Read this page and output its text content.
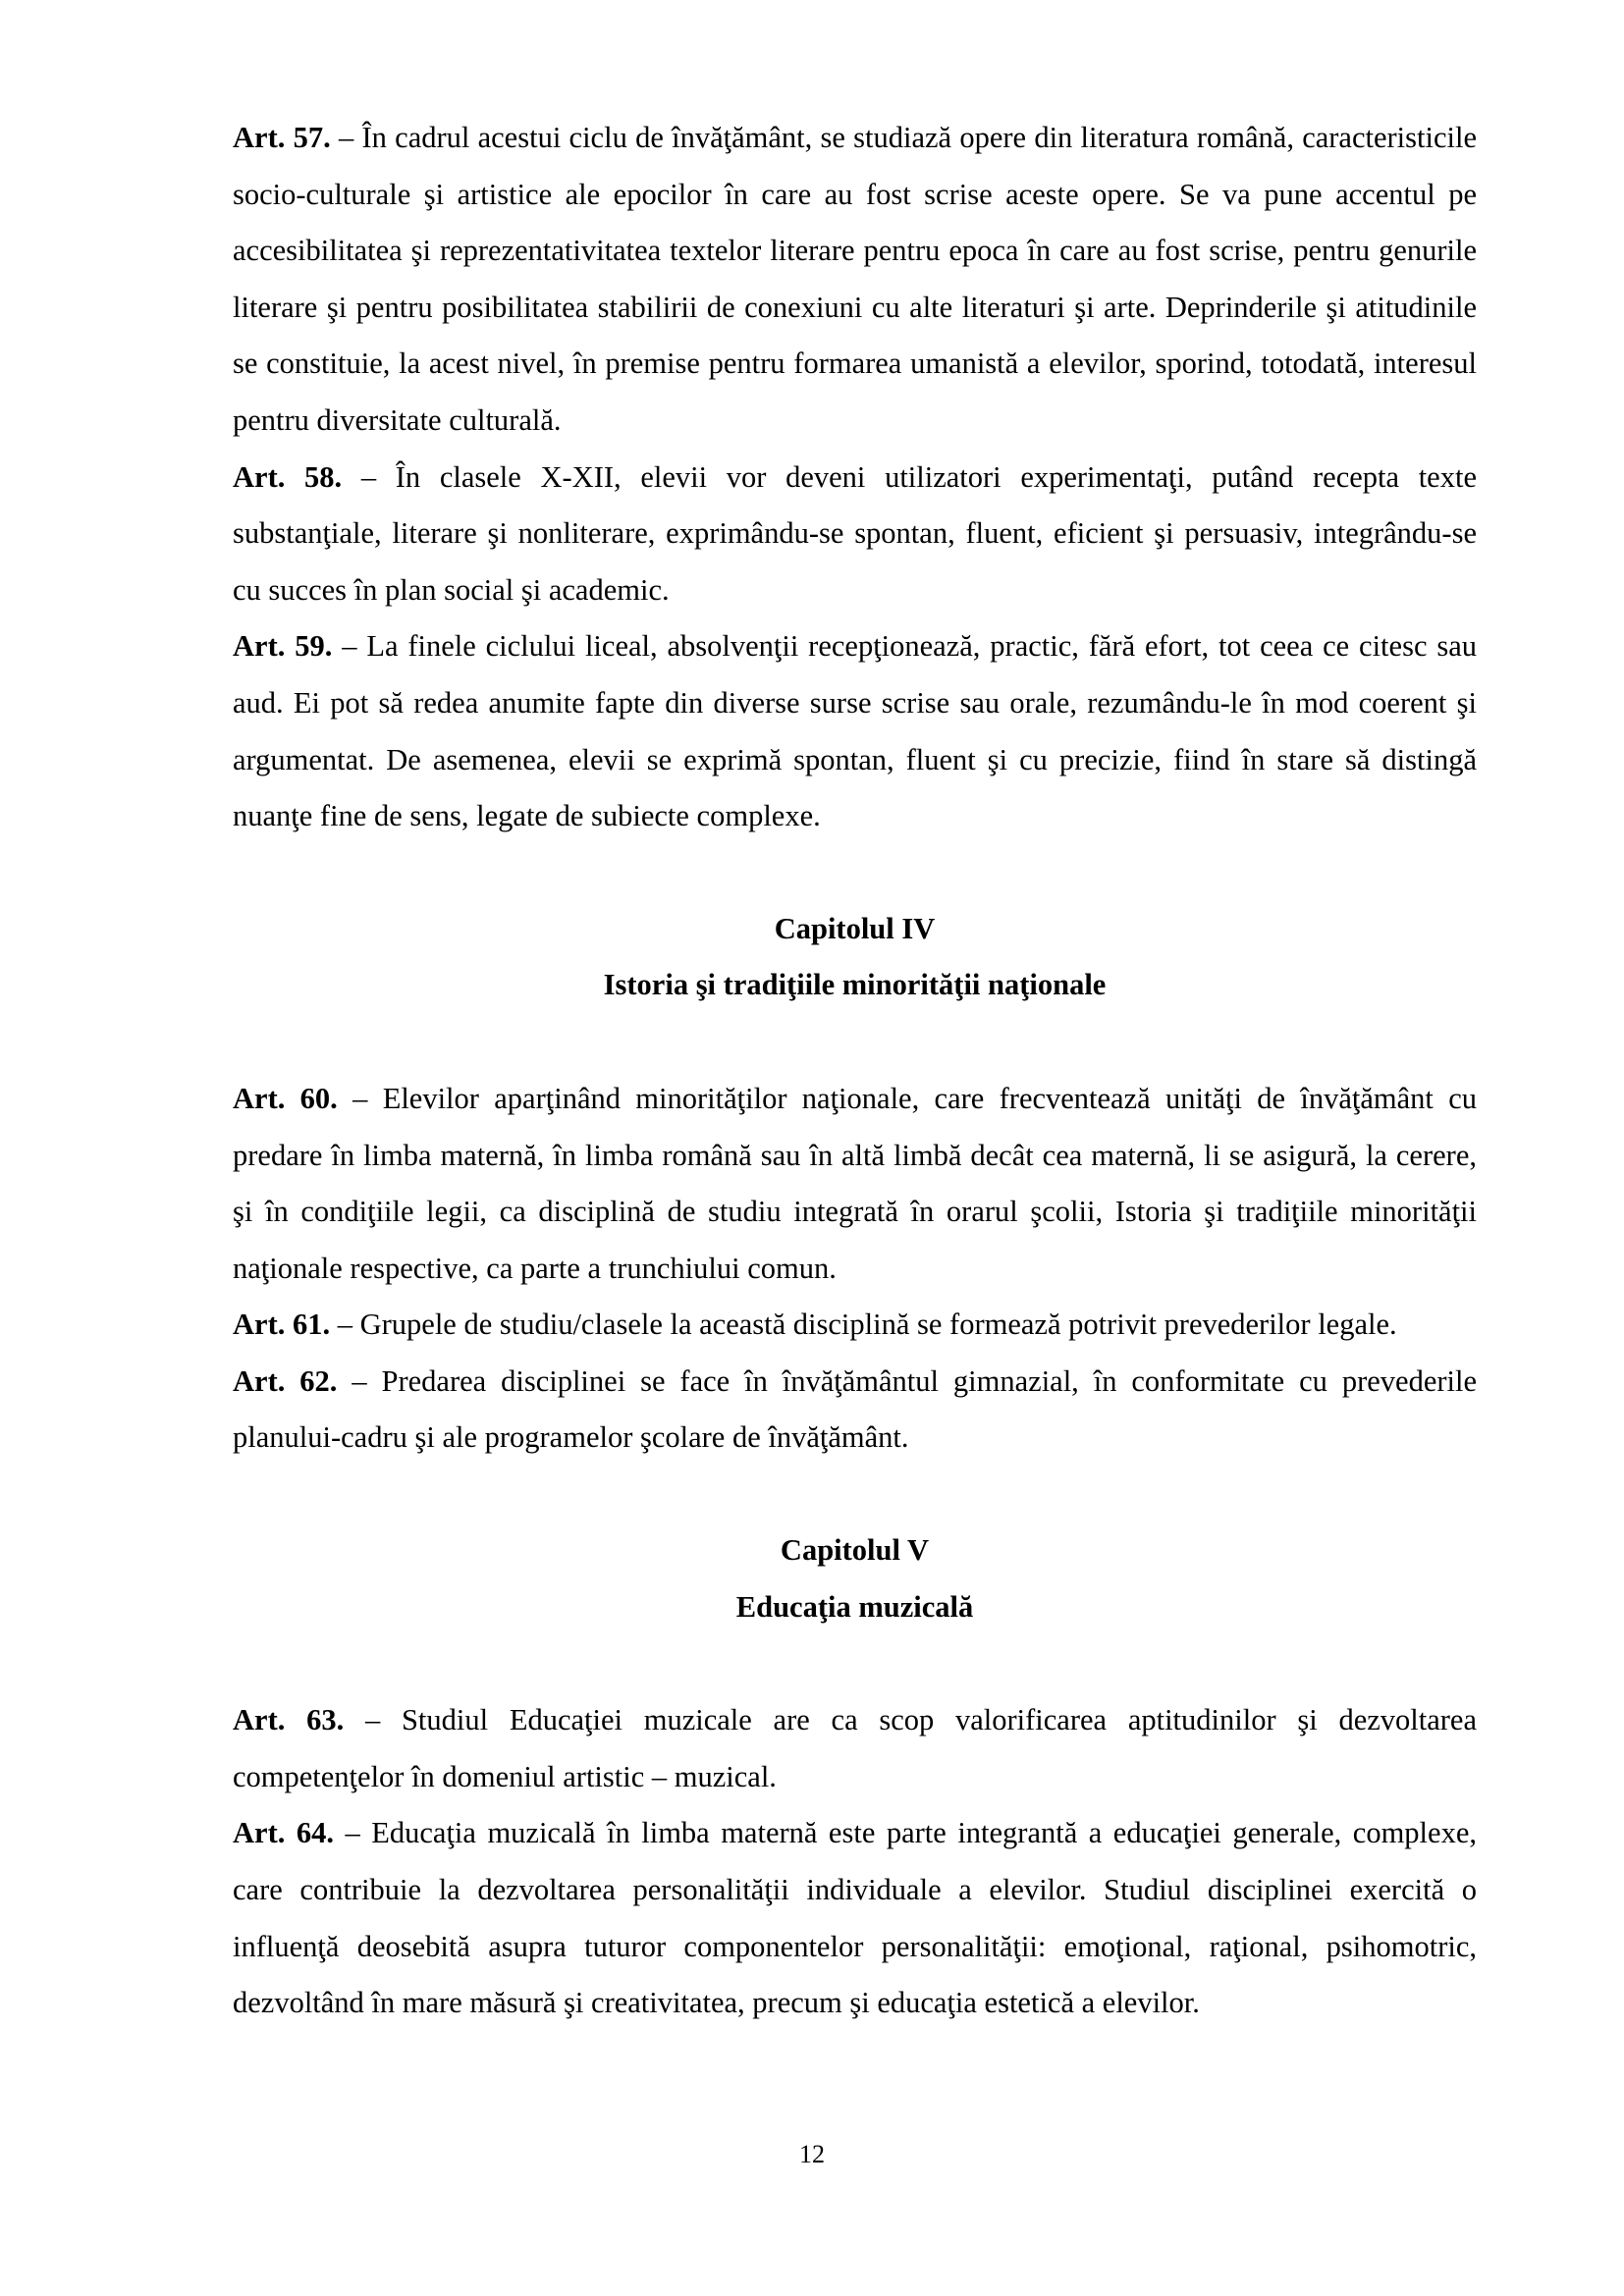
Art. 57. – În cadrul acestui ciclu de învăţământ, se studiază opere din literatura română, caracteristicile socio-culturale şi artistice ale epocilor în care au fost scrise aceste opere. Se va pune accentul pe accesibilitatea şi reprezentativitatea textelor literare pentru epoca în care au fost scrise, pentru genurile literare şi pentru posibilitatea stabilirii de conexiuni cu alte literaturi şi arte. Deprinderile şi atitudinile se constituie, la acest nivel, în premise pentru formarea umanistă a elevilor, sporind, totodată, interesul pentru diversitate culturală.

Art. 58. – În clasele X-XII, elevii vor deveni utilizatori experimentaţi, putând recepta texte substanţiale, literare şi nonliterare, exprimându-se spontan, fluent, eficient şi persuasiv, integrându-se cu succes în plan social şi academic.

Art. 59. – La finele ciclului liceal, absolvenţii recepţionează, practic, fără efort, tot ceea ce citesc sau aud. Ei pot să redea anumite fapte din diverse surse scrise sau orale, rezumându-le în mod coerent şi argumentat. De asemenea, elevii se exprimă spontan, fluent şi cu precizie, fiind în stare să distingă nuanţe fine de sens, legate de subiecte complexe.

Capitolul IV

Istoria şi tradiţiile minorităţii naţionale

Art. 60. – Elevilor aparţinând minorităţilor naţionale, care frecventează unităţi de învăţământ cu predare în limba maternă, în limba română sau în altă limbă decât cea maternă, li se asigură, la cerere, şi în condiţiile legii, ca disciplină de studiu integrată în orarul şcolii, Istoria şi tradiţiile minorităţii naţionale respective, ca parte a trunchiului comun.

Art. 61. – Grupele de studiu/clasele la această disciplină se formează potrivit prevederilor legale.

Art. 62. – Predarea disciplinei se face în învăţământul gimnazial, în conformitate cu prevederile planului-cadru şi ale programelor şcolare de învăţământ.

Capitolul V

Educaţia muzicală

Art. 63. – Studiul Educaţiei muzicale are ca scop valorificarea aptitudinilor şi dezvoltarea competenţelor în domeniul artistic – muzical.

Art. 64. – Educaţia muzicală în limba maternă este parte integrantă a educaţiei generale, complexe, care contribuie la dezvoltarea personalităţii individuale a elevilor. Studiul disciplinei exercită o influenţă deosebită asupra tuturor componentelor personalităţii: emoţional, raţional, psihomotric, dezvoltând în mare măsură şi creativitatea, precum şi educaţia estetică a elevilor.

12
